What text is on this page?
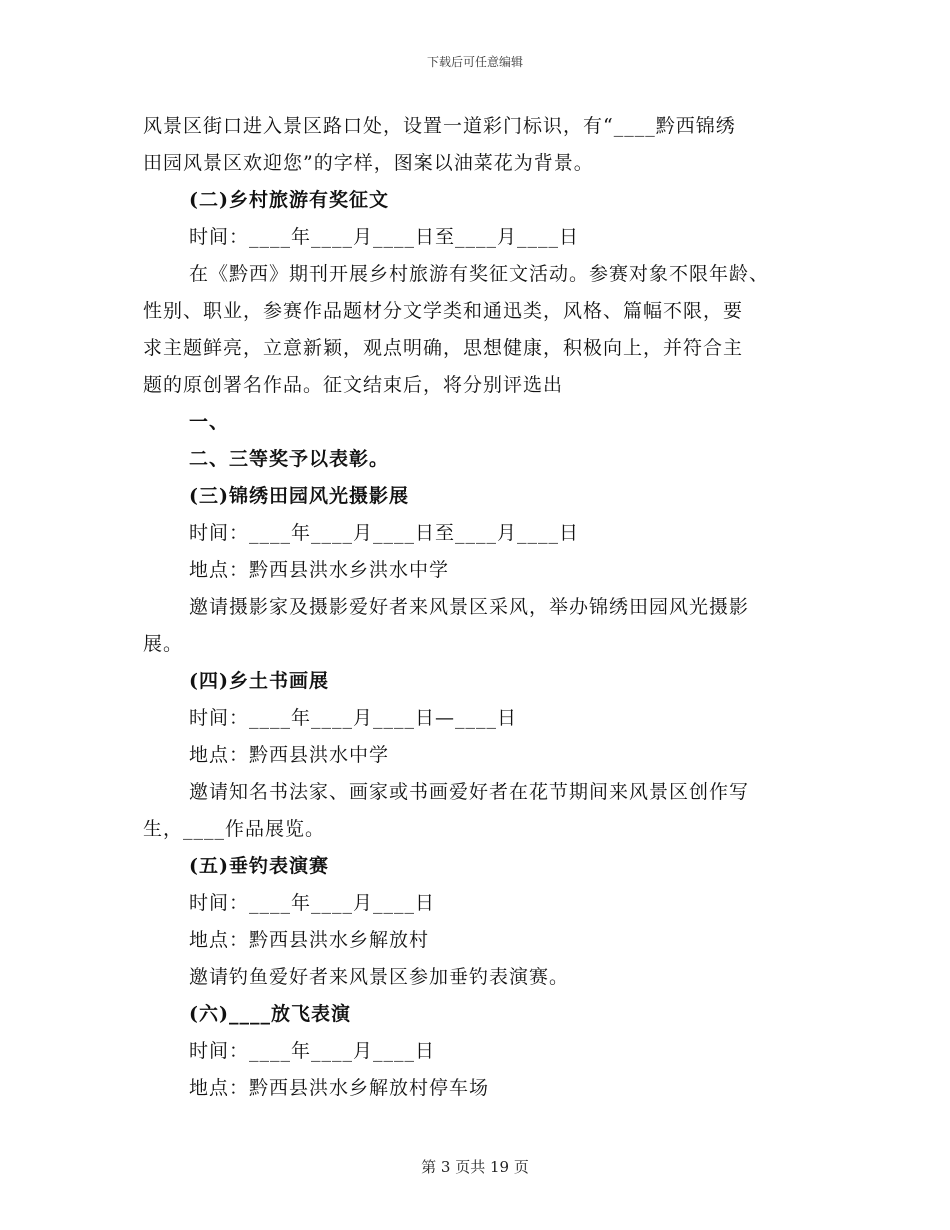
下载后可任意编辑
风景区街口进入景区路口处，设置一道彩门标识，有“____黔西锦绣
田园风景区欢迎您”的字样，图案以油菜花为背景。
(二)乡村旅游有奖征文
时间：____年____月____日至____月____日
在《黔西》期刊开展乡村旅游有奖征文活动。参赛对象不限年龄、
性别、职业，参赛作品题材分文学类和通迅类，风格、篇幅不限，要
求主题鲜亮，立意新颖，观点明确，思想健康，积极向上，并符合主
题的原创署名作品。征文结束后，将分别评选出
一、
二、三等奖予以表彰。
(三)锦绣田园风光摄影展
时间：____年____月____日至____月____日
地点：黔西县洪水乡洪水中学
邀请摄影家及摄影爱好者来风景区采风，举办锦绣田园风光摄影
展。
(四)乡土书画展
时间：____年____月____日—____日
地点：黔西县洪水中学
邀请知名书法家、画家或书画爱好者在花节期间来风景区创作写
生，____作品展览。
(五)垂钓表演赛
时间：____年____月____日
地点：黔西县洪水乡解放村
邀请钓鱼爱好者来风景区参加垂钓表演赛。
(六)____放飞表演
时间：____年____月____日
地点：黔西县洪水乡解放村停车场
第 3 页共 19 页
